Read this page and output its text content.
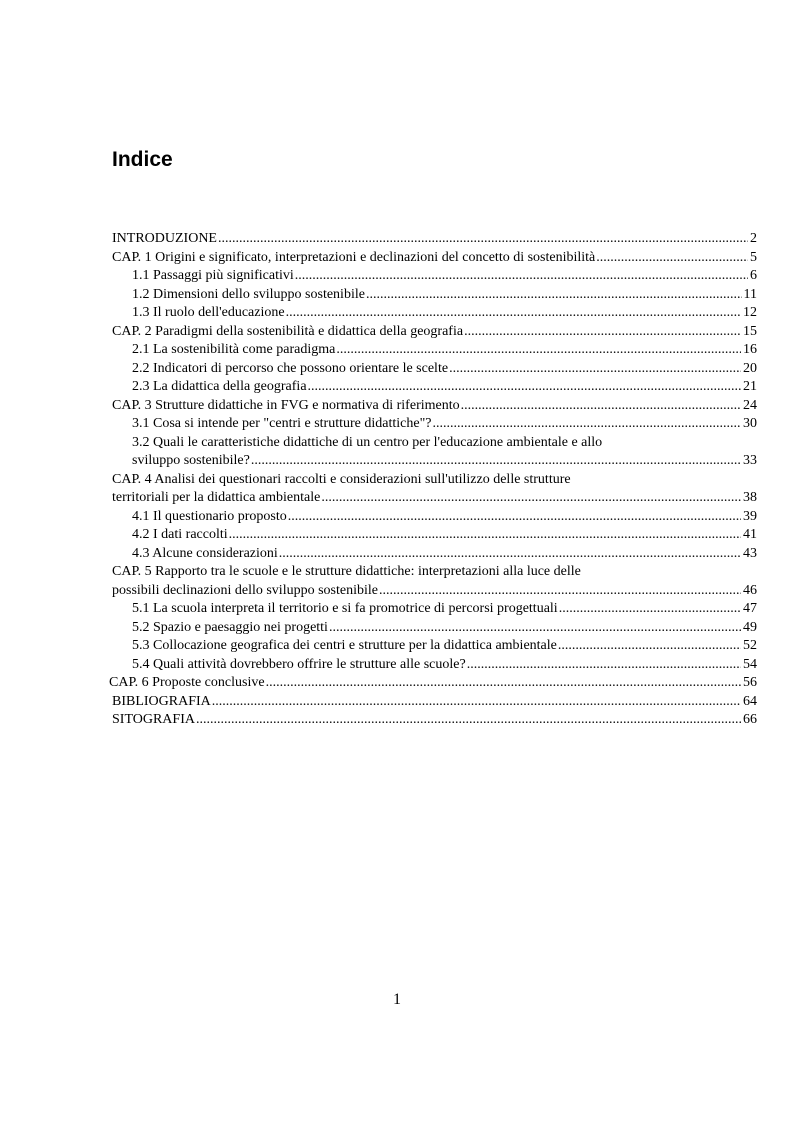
Indice
INTRODUZIONE .....	2
CAP. 1 Origini e significato, interpretazioni e declinazioni del concetto di sostenibilità .....	5
1.1 Passaggi più significativi .....	6
1.2 Dimensioni dello sviluppo sostenibile .....	11
1.3 Il ruolo dell'educazione .....	12
CAP. 2 Paradigmi della sostenibilità e didattica della geografia .....	15
2.1 La sostenibilità come paradigma .....	16
2.2 Indicatori di percorso che possono orientare le scelte .....	20
2.3 La didattica della geografia .....	21
CAP. 3 Strutture didattiche in FVG e normativa di riferimento .....	24
3.1 Cosa si intende per "centri e strutture didattiche"? .....	30
3.2 Quali le caratteristiche didattiche di un centro per l'educazione ambientale e allo
sviluppo sostenibile? .....	33
CAP. 4 Analisi dei questionari raccolti e considerazioni sull'utilizzo delle strutture
territoriali per la didattica ambientale .....	38
4.1 Il questionario proposto .....	39
4.2 I dati raccolti .....	41
4.3 Alcune considerazioni .....	43
CAP. 5 Rapporto tra le scuole e le strutture didattiche: interpretazioni alla luce delle
possibili declinazioni dello sviluppo sostenibile .....	46
5.1 La scuola interpreta il territorio e si fa promotrice di percorsi progettuali .....	47
5.2 Spazio e paesaggio nei progetti .....	49
5.3 Collocazione geografica dei centri e strutture per la didattica ambientale .....	52
5.4 Quali attività dovrebbero offrire le strutture alle scuole? .....	54
CAP. 6 Proposte conclusive .....	56
BIBLIOGRAFIA .....	64
SITOGRAFIA .....	66
1
